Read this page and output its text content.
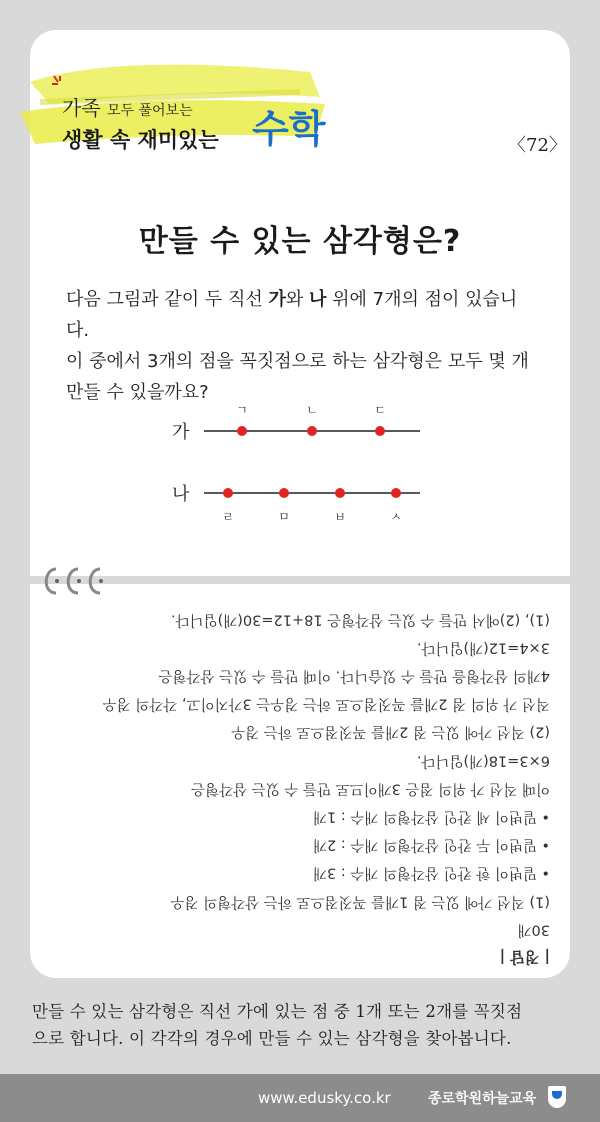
가족 모두 풀어보는
생활 속 재미있는 수학	〈72〉
만들 수 있는 삼각형은?
다음 그림과 같이 두 직선 가와 나 위에 7개의 점이 있습니다.
이 중에서 3개의 점을 꼭짓점으로 하는 삼각형은 모두 몇 개
만들 수 있을까요?
가
나
ㄱ	ㄴ	ㄷ
ㄹ	ㅁ	ㅂ	ㅅ

| 정답 |

30개

(1) 직선 가에 있는 점 1개를 꼭짓점으로 하는 삼각형의 경우

• 밑변이 한 칸인 삼각형의 개수 : 3개

• 밑변이 두 칸인 삼각형의 개수 : 2개

• 밑변이 세 칸인 삼각형의 개수 : 1개

이때 직선 가 위의 점은 3개이므로 만들 수 있는 삼각형은

6×3=18(개)입니다.

(2) 직선 가에 있는 점 2개를 꼭짓점으로 하는 경우

직선 가 위의 점 2개를 꼭짓점으로 하는 경우는 3가지이고, 각각의 경우

4개의 삼각형을 만들 수 있습니다. 이때 만들 수 있는 삼각형은

3×4=12(개)입니다.

(1), (2)에서 만들 수 있는 삼각형은 18+12=30(개)입니다.

만들 수 있는 삼각형은 직선 가에 있는 점 중 1개 또는 2개를 꼭짓점
으로 합니다. 이 각각의 경우에 만들 수 있는 삼각형을 찾아봅니다.
www.edusky.co.kr	종로학원하늘교육
